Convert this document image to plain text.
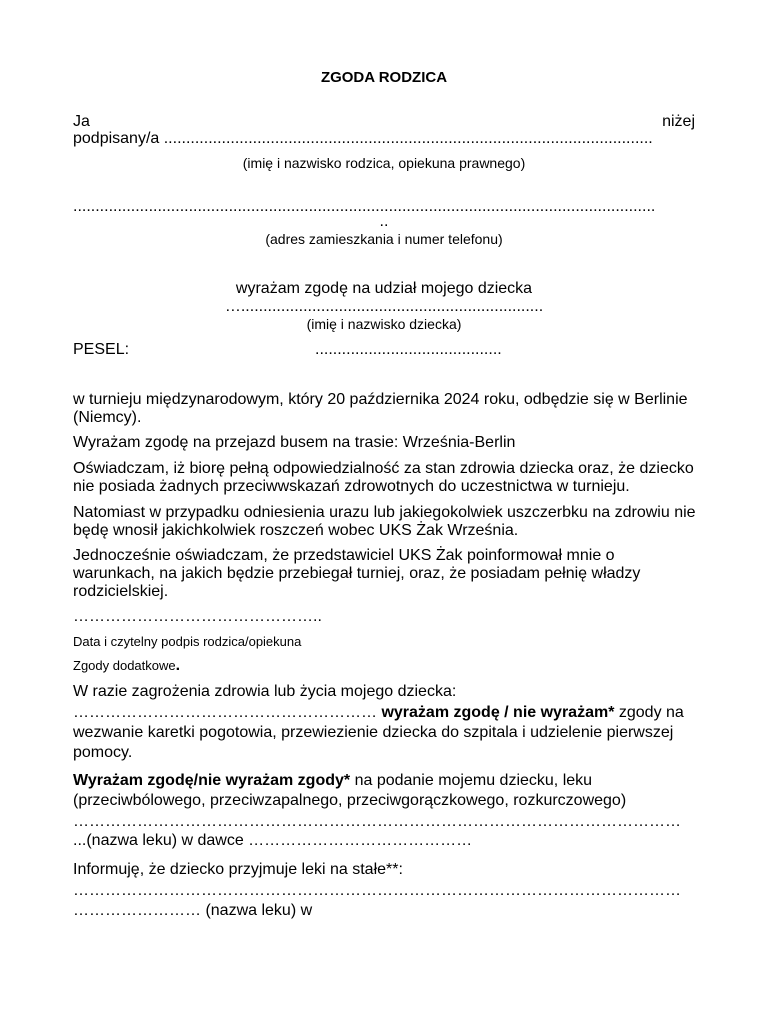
ZGODA RODZICA
Ja	niżej
podpisany/a ..............................................................................................................
(imię i nazwisko rodzica, opiekuna prawnego)
...................................................................................................................................
..
(adres zamieszkania i numer telefonu)
wyrażam zgodę na udział mojego dziecka
…....................................................................
(imię i nazwisko dziecka)
PESEL:	..........................................
w turnieju międzynarodowym, który 20 października 2024 roku, odbędzie się w Berlinie (Niemcy).
Wyrażam zgodę na przejazd busem na trasie: Września-Berlin
Oświadczam, iż biorę pełną odpowiedzialność za stan zdrowia dziecka oraz, że dziecko nie posiada żadnych przeciwwskazań zdrowotnych do uczestnictwa w turnieju.
Natomiast w przypadku odniesienia urazu lub jakiegokolwiek uszczerbku na zdrowiu nie będę wnosił jakichkolwiek roszczeń wobec UKS Żak Września.
Jednocześnie oświadczam, że przedstawiciel UKS Żak poinformował mnie o warunkach, na jakich będzie przebiegał turniej, oraz, że posiadam pełnię władzy rodzicielskiej.
………………………………………..
Data i czytelny podpis rodzica/opiekuna
Zgody dodatkowe.
W razie zagrożenia zdrowia lub życia mojego dziecka:
………………………………………………… wyrażam zgodę / nie wyrażam* zgody na wezwanie karetki pogotowia, przewiezienie dziecka do szpitala i udzielenie pierwszej pomocy.
Wyrażam zgodę/nie wyrażam zgody* na podanie mojemu dziecku, leku (przeciwbólowego, przeciwzapalnego, przeciwgorączkowego, rozkurczowego)
……………………………………………………………………………………………………
...(nazwa leku) w dawce ……………………………………
Informuję, że dziecko przyjmuje leki na stałe**:
……………………………………………………………………………………………………
…………………… (nazwa leku) w
